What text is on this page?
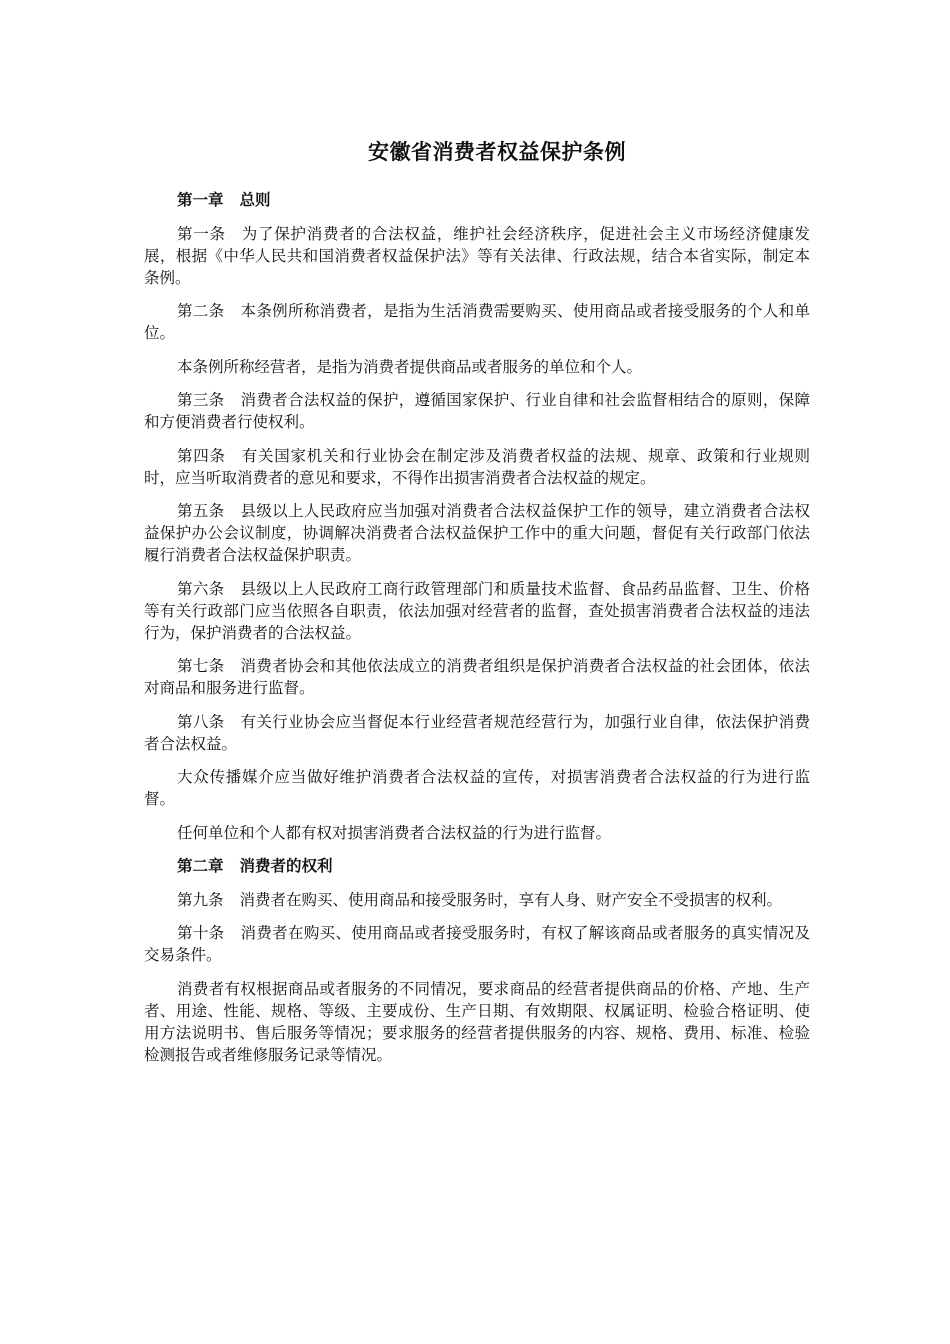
安徽省消费者权益保护条例
第一章 总则

第一条 为了保护消费者的合法权益，维护社会经济秩序，促进社会主义市场经济健康发展，根据《中华人民共和国消费者权益保护法》等有关法律、行政法规，结合本省实际，制定本条例。

第二条 本条例所称消费者，是指为生活消费需要购买、使用商品或者接受服务的个人和单位。

本条例所称经营者，是指为消费者提供商品或者服务的单位和个人。

第三条 消费者合法权益的保护，遵循国家保护、行业自律和社会监督相结合的原则，保障和方便消费者行使权利。

第四条 有关国家机关和行业协会在制定涉及消费者权益的法规、规章、政策和行业规则时，应当听取消费者的意见和要求，不得作出损害消费者合法权益的规定。

第五条 县级以上人民政府应当加强对消费者合法权益保护工作的领导，建立消费者合法权益保护办公会议制度，协调解决消费者合法权益保护工作中的重大问题，督促有关行政部门依法履行消费者合法权益保护职责。

第六条 县级以上人民政府工商行政管理部门和质量技术监督、食品药品监督、卫生、价格等有关行政部门应当依照各自职责，依法加强对经营者的监督，查处损害消费者合法权益的违法行为，保护消费者的合法权益。

第七条 消费者协会和其他依法成立的消费者组织是保护消费者合法权益的社会团体，依法对商品和服务进行监督。

第八条 有关行业协会应当督促本行业经营者规范经营行为，加强行业自律，依法保护消费者合法权益。

大众传播媒介应当做好维护消费者合法权益的宣传，对损害消费者合法权益的行为进行监督。

任何单位和个人都有权对损害消费者合法权益的行为进行监督。

第二章 消费者的权利

第九条 消费者在购买、使用商品和接受服务时，享有人身、财产安全不受损害的权利。

第十条 消费者在购买、使用商品或者接受服务时，有权了解该商品或者服务的真实情况及交易条件。

消费者有权根据商品或者服务的不同情况，要求商品的经营者提供商品的价格、产地、生产者、用途、性能、规格、等级、主要成份、生产日期、有效期限、权属证明、检验合格证明、使用方法说明书、售后服务等情况；要求服务的经营者提供服务的内容、规格、费用、标准、检验检测报告或者维修服务记录等情况。
